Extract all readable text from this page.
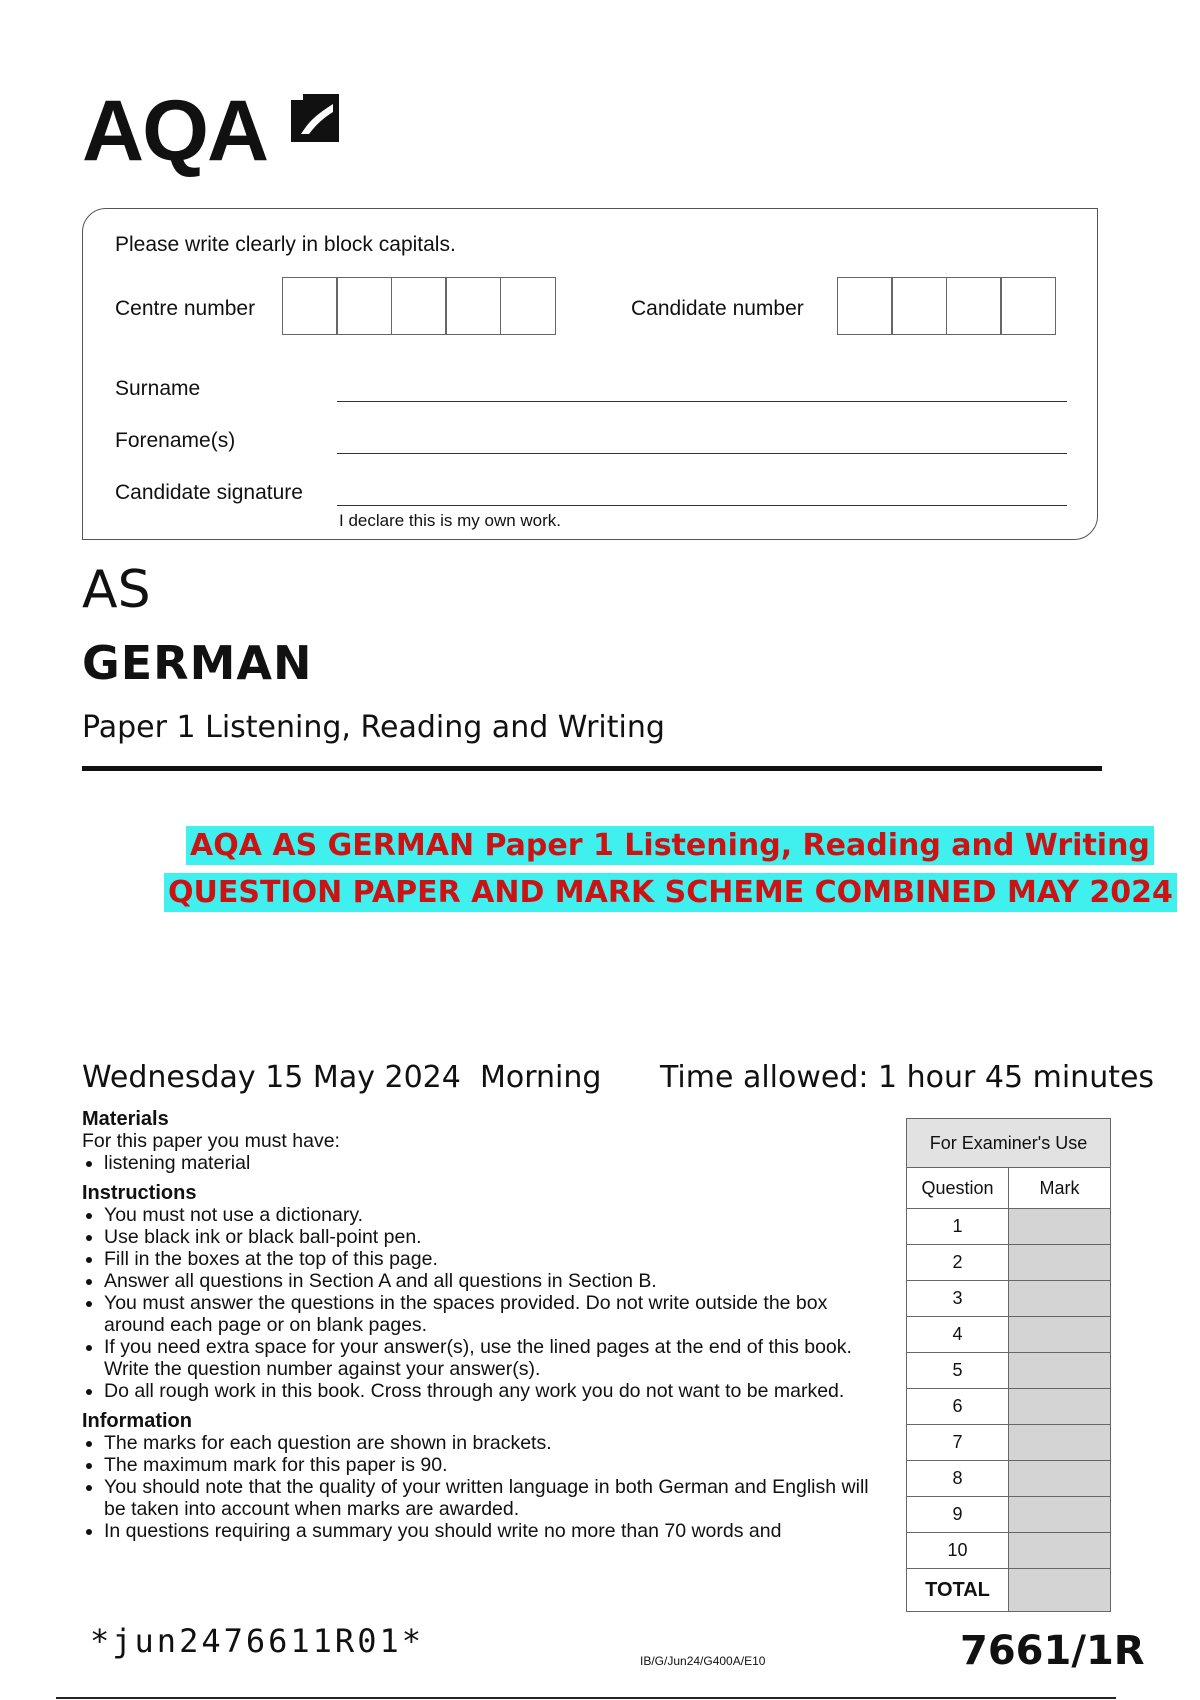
AQA
Please write clearly in block capitals.
Centre number	Candidate number
Surname
Forename(s)
Candidate signature
I declare this is my own work.
AS
GERMAN
Paper 1 Listening, Reading and Writing
AQA AS GERMAN Paper 1 Listening, Reading and Writing
QUESTION PAPER AND MARK SCHEME COMBINED MAY 2024
Wednesday 15 May 2024 Morning Time allowed: 1 hour 45 minutes
Materials

For this paper you must have:

• listening material
Instructions
• You must not use a dictionary.
• Use black ink or black ball-point pen.
• Fill in the boxes at the top of this page.
• Answer all questions in Section A and all questions in Section B.
• You must answer the questions in the spaces provided. Do not write outside the box around each page or on blank pages.
• If you need extra space for your answer(s), use the lined pages at the end of this book. Write the question number against your answer(s).
• Do all rough work in this book. Cross through any work you do not want to be marked.
Information
• The marks for each question are shown in brackets.
• The maximum mark for this paper is 90.
• You should note that the quality of your written language in both German and English will be taken into account when marks are awarded.
• In questions requiring a summary you should write no more than 70 words and
For Examiner's Use	
Question	Mark
1	
2	
3	
4	
5	
6	
7	
8	
9	
10	
TOTAL	
*jun2476611R01*
IB/G/Jun24/G400A/E10	7661/1R
